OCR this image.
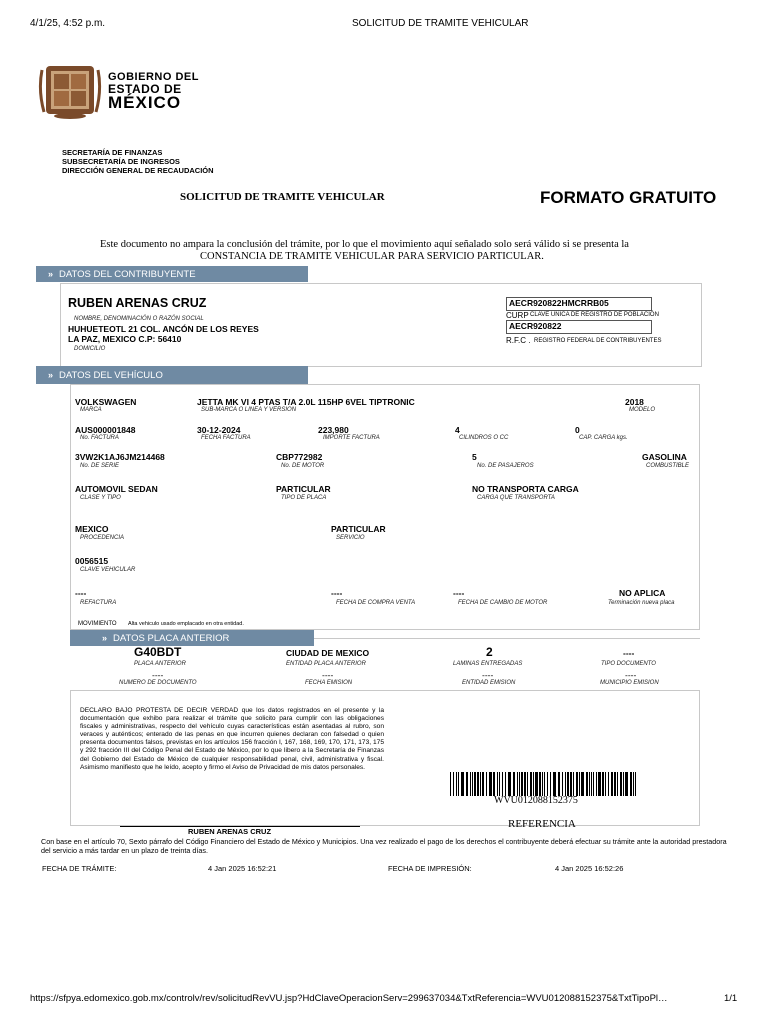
4/1/25, 4:52 p.m.	SOLICITUD DE TRAMITE VEHICULAR
GOBIERNO DEL
ESTADO DE
MÉXICO
SECRETARÍA DE FINANZAS
SUBSECRETARÍA DE INGRESOS
DIRECCIÓN GENERAL DE RECAUDACIÓN
SOLICITUD DE TRAMITE VEHICULAR	FORMATO GRATUITO
Este documento no ampara la conclusión del trámite, por lo que el movimiento aquí señalado solo será válido si se presenta la
CONSTANCIA DE TRAMITE VEHICULAR PARA SERVICIO PARTICULAR.
» DATOS DEL CONTRIBUYENTE
RUBEN ARENAS CRUZ
NOMBRE, DENOMINACIÓN O RAZÓN SOCIAL
HUHUETEOTL 21 COL. ANCÓN DE LOS REYES
LA PAZ, MEXICO C.P: 56410
DOMICILIO
AECR920822HMCRRB05
CURP CLAVE UNICA DE REGISTRO DE POBLACIÓN
AECR920822
R.F.C . REGISTRO FEDERAL DE CONTRIBUYENTES
» DATOS DEL VEHÍCULO
VOLKSWAGEN
MARCA
JETTA MK VI 4 PTAS T/A 2.0L 115HP 6VEL TIPTRONIC
SUB-MARCA O LINEA Y VERSION
2018
MODELO
AUS000001848
No. FACTURA
30-12-2024
FECHA FACTURA
223,980
IMPORTE FACTURA
4
CILINDROS O CC
0
CAP. CARGA kgs.
3VW2K1AJ6JM214468
No. DE SERIE
CBP772982
No. DE MOTOR
5
No. DE PASAJEROS
GASOLINA
COMBUSTIBLE
AUTOMOVIL SEDAN
CLASE Y TIPO
PARTICULAR
TIPO DE PLACA
NO TRANSPORTA CARGA
CARGA QUE TRANSPORTA
MEXICO
PROCEDENCIA
PARTICULAR
SERVICIO
0056515
CLAVE VEHICULAR
----
REFACTURA
----
FECHA DE COMPRA VENTA
----
FECHA DE CAMBIO DE MOTOR
NO APLICA
Terminación nueva placa
MOVIMIENTO Alta vehiculo usado emplacado en otra entidad.
» DATOS PLACA ANTERIOR
G40BDT
PLACA ANTERIOR
CIUDAD DE MEXICO
ENTIDAD PLACA ANTERIOR
2
LAMINAS ENTREGADAS
----
TIPO DOCUMENTO
----
NUMERO DE DOCUMENTO
----
FECHA EMISION
----
ENTIDAD EMISION
----
MUNICIPIO EMISION
DECLARO BAJO PROTESTA DE DECIR VERDAD que los datos registrados en el presente y la documentación que exhibo para realizar el trámite que solicito para cumplir con las obligaciones fiscales y administrativas, respecto del vehículo cuyas características están asentadas al rubro, son veraces y auténticos; enterado de las penas en que incurren quienes declaran con falsedad o quien presenta documentos falsos, previstas en los artículos 156 fracción I, 167, 168, 169, 170, 171, 173, 175 y 292 fracción III del Código Penal del Estado de México, por lo que libero a la Secretaría de Finanzas del Gobierno del Estado de México de cualquier responsabilidad penal, civil, administrativa y fiscal. Asimismo manifiesto que he leído, acepto y firmo el Aviso de Privacidad de mis datos personales.
WVU012088152375
RUBEN ARENAS CRUZ
REFERENCIA
Con base en el artículo 70, Sexto párrafo del Código Financiero del Estado de México y Municipios. Una vez realizado el pago de los derechos el contribuyente deberá efectuar su trámite ante la autoridad prestadora del servicio a más tardar en un plazo de treinta días.
FECHA DE TRÁMITE:	4 Jan 2025 16:52:21	FECHA DE IMPRESIÓN:	4 Jan 2025 16:52:26
https://sfpya.edomexico.gob.mx/controlv/rev/solicitudRevVU.jsp?HdClaveOperacionServ=299637034&TxtReferencia=WVU012088152375&TxtTipoPl…	1/1
